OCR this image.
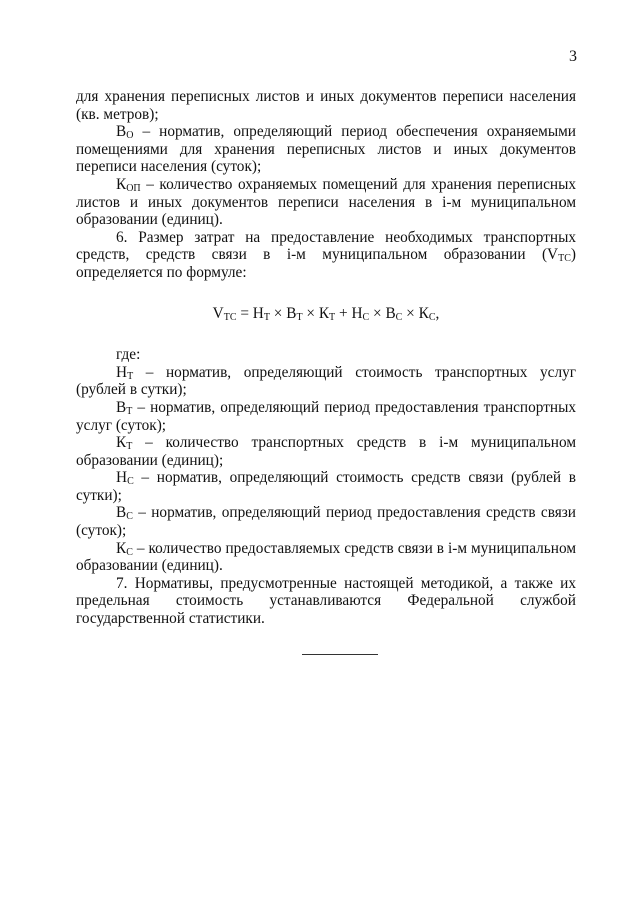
3

для хранения переписных листов и иных документов переписи населения (кв. метров);

$В_О$ – норматив, определяющий период обеспечения охраняемыми помещениями для хранения переписных листов и иных документов переписи населения (суток);

$К_{ОП}$ – количество охраняемых помещений для хранения переписных листов и иных документов переписи населения в i-м муниципальном образовании (единиц).

6. Размер затрат на предоставление необходимых транспортных средств, средств связи в i-м муниципальном образовании $(V_{ТС})$ определяется по формуле:

$V_{ТС} = Н_Т \times В_Т \times К_Т + Н_С \times В_С \times К_С$,

где:

$Н_Т$ – норматив, определяющий стоимость транспортных услуг (рублей в сутки);

$В_Т$ – норматив, определяющий период предоставления транспортных услуг (суток);

$К_Т$ – количество транспортных средств в i-м муниципальном образовании (единиц);

$Н_С$ – норматив, определяющий стоимость средств связи (рублей в сутки);

$В_С$ – норматив, определяющий период предоставления средств связи (суток);

$К_С$ – количество предоставляемых средств связи в i-м муниципальном образовании (единиц).

7. Нормативы, предусмотренные настоящей методикой, а также их предельная стоимость устанавливаются Федеральной службой государственной статистики.
